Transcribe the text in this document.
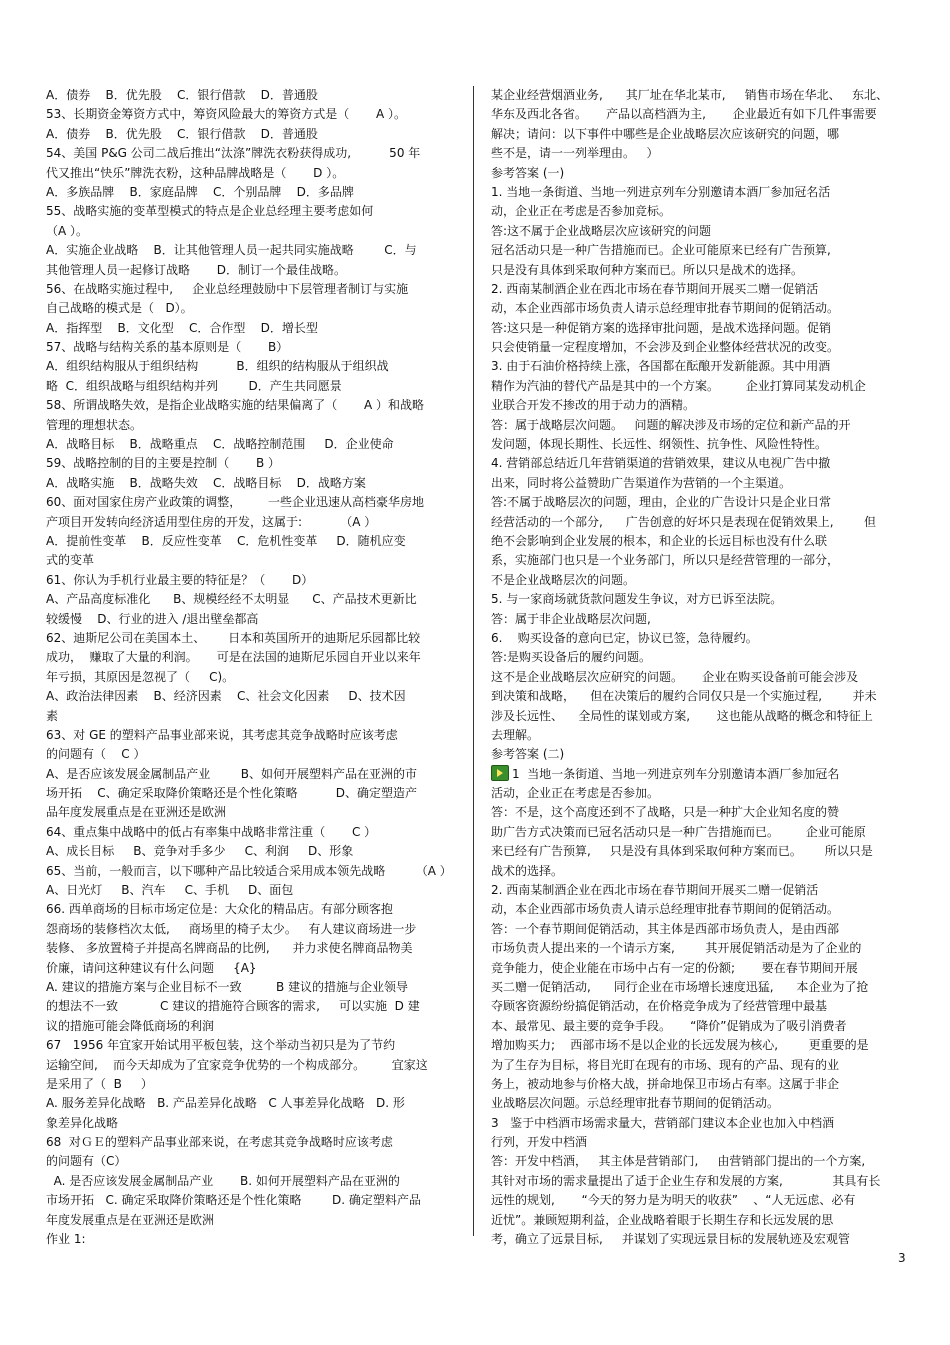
A．债券    B．优先股    C．银行借款    D．普通股
53、长期资金筹资方式中，筹资风险最大的筹资方式是（       A ）。
A．债券    B．优先股    C．银行借款    D．普通股
54、美国 P&G 公司二战后推出“汰涤”牌洗衣粉获得成功,          50 年
代又推出“快乐”牌洗衣粉，这种品牌战略是（       D ）。
A．多族品牌    B．家庭品牌    C．个别品牌    D．多品牌
55、战略实施的变革型模式的特点是企业总经理主要考虑如何
（A ）。
A．实施企业战略    B．让其他管理人员一起共同实施战略        C．与
其他管理人员一起修订战略       D．制订一个最佳战略。
56、在战略实施过程中,     企业总经理鼓励中下层管理者制订与实施
自己战略的模式是（   D）。
A．指挥型    B．文化型    C．合作型    D．增长型
57、战略与结构关系的基本原则是（       B）
A．组织结构服从于组织结构          B．组织的结构服从于组织战
略  C．组织战略与组织结构并列        D．产生共同愿景
58、所谓战略失效，是指企业战略实施的结果偏离了（       A ）和战略
管理的理想状态。
A．战略目标    B．战略重点    C．战略控制范围     D．企业使命
59、战略控制的目的主要是控制（       B ）
A．战略实施    B．战略失效    C．战略目标    D．战略方案
60、面对国家住房产业政策的调整，       一些企业迅速从高档豪华房地
产项目开发转向经济适用型住房的开发，这属于:          （A ）
A．提前性变革    B．反应性变革    C．危机性变革     D．随机应变
式的变革
61、你认为手机行业最主要的特征是？（       D）
A、产品高度标准化      B、规模经经不太明显      C、产品技术更新比
较缓慢    D、行业的进入 /退出壁垒都高
62、迪斯尼公司在美国本土、      日本和英国所开的迪斯尼乐园都比较
成功，  赚取了大量的利润。     可是在法国的迪斯尼乐园自开业以来年
年亏损，其原因是忽视了（     C)。
A、政治法律因素    B、经济因素    C、社会文化因素     D、技术因
素
63、对 GE 的塑料产品事业部来说，其考虑其竞争战略时应该考虑
的问题有（    C ）
A、是否应该发展金属制品产业        B、如何开展塑料产品在亚洲的市
场开拓    C、确定采取降价策略还是个性化策略          D、确定塑造产
品年度发展重点是在亚洲还是欧洲
64、重点集中战略中的低占有率集中战略非常注重（       C ）
A、成长目标     B、竞争对手多少     C、利润     D、形象
65、当前，一般而言，以下哪种产品比较适合采用成本领先战略        （A ）
A、日光灯     B、汽车     C、手机     D、面包
66. 西单商场的目标市场定位是：大众化的精品店。有部分顾客抱
怨商场的装修档次太低,     商场里的椅子太少。   有人建议商场进一步
装修、 多放置椅子并提高名牌商品的比例,      并力求使名牌商品物美
价廉，请问这种建议有什么问题     {A}
A. 建议的措施方案与企业目标不一致         B 建议的措施与企业领导
的想法不一致           C 建议的措施符合顾客的需求,     可以实施  D 建
议的措施可能会降低商场的利润
67   1956 年宜家开始试用平板包装，这个举动当初只是为了节约
运输空间,    而今天却成为了宜家竞争优势的一个构成部分。       宜家这
是采用了（  B     ）
A. 服务差异化战略   B. 产品差异化战略   C 人事差异化战略   D. 形
象差异化战略
68  对ＧＥ的塑料产品事业部来说，在考虑其竞争战略时应该考虑
的问题有（C）
A. 是否应该发展金属制品产业       B. 如何开展塑料产品在亚洲的
市场开拓   C. 确定采取降价策略还是个性化策略        D. 确定塑料产品
年度发展重点是在亚洲还是欧洲
作业 1:
某企业经营烟酒业务,      其厂址在华北某市,     销售市场在华北、   东北、
华东及西北各省。     产品以高档酒为主,       企业最近有如下几件事需要
解决；请问：以下事件中哪些是企业战略层次应该研究的问题，哪
些不是，请一一列举理由。   ）
参考答案 (一)
1. 当地一条街道、当地一列进京列车分别邀请本酒厂参加冠名活
动，企业正在考虑是否参加竞标。
答:这不属于企业战略层次应该研究的问题
冠名活动只是一种广告措施而已。企业可能原来已经有广告预算,
只是没有具体到采取何种方案而已。所以只是战术的选择。
2. 西南某制酒企业在西北市场在春节期间开展买二赠一促销活
动，本企业西部市场负责人请示总经理审批春节期间的促销活动。
答:这只是一种促销方案的选择审批问题，是战术选择问题。促销
只会使销量一定程度增加，不会涉及到企业整体经营状况的改变。
3. 由于石油价格持续上涨，各国都在酝酿开发新能源。其中用酒
精作为汽油的替代产品是其中的一个方案。       企业打算同某发动机企
业联合开发不掺改的用于动力的酒精。
答：属于战略层次问题。   问题的解决涉及市场的定位和新产品的开
发问题，体现长期性、长远性、纲领性、抗争性、风险性特性。
4. 营销部总结近几年营销渠道的营销效果，建议从电视广告中撤
出来，同时将公益赞助广告渠道作为营销的一个主渠道。
答:不属于战略层次的问题，理由，企业的广告设计只是企业日常
经营活动的一个部分,      广告创意的好坏只是表现在促销效果上,        但
绝不会影响到企业发展的根本，和企业的长远目标也没有什么联
系，实施部门也只是一个业务部门，所以只是经营管理的一部分，
不是企业战略层次的问题。
5. 与一家商场就货款问题发生争议，对方已诉至法院。
答：属于非企业战略层次问题,
6.    购买设备的意向已定，协议已签，急待履约。
答:是购买设备后的履约问题。
这不是企业战略层次应研究的问题。     企业在购买设备前可能会涉及
到决策和战略，    但在决策后的履约合同仅只是一个实施过程,        并未
涉及长远性、    全局性的谋划或方案,       这也能从战略的概念和特征上
去理解。
参考答案 (二)
1  当地一条街道、当地一列进京列车分别邀请本酒厂参加冠名
活动，企业正在考虑是否参加。
答：不是，这个高度还到不了战略，只是一种扩大企业知名度的赞
助广告方式决策而已冠名活动只是一种广告措施而已。       企业可能原
来已经有广告预算,     只是没有具体到采取何种方案而已。      所以只是
战术的选择。
2. 西南某制酒企业在西北市场在春节期间开展买二赠一促销活
动，本企业西部市场负责人请示总经理审批春节期间的促销活动。
答：一个春节期间促销活动，其主体是西部市场负责人，是由西部
市场负责人提出来的一个请示方案,        其开展促销活动是为了企业的
竞争能力，使企业能在市场中占有一定的份额;       要在春节期间开展
买二赠一促销活动,      同行企业在市场增长速度迅猛,      本企业为了抢
夺顾客资源纷纷搞促销活动，在价格竞争成为了经营管理中最基
本、最常见、最主要的竞争手段。     “降价”促销成为了吸引消费者
增加购买力;    西部市场不是以企业的长远发展为核心,        更重要的是
为了生存为目标，将目光盯在现有的市场、现有的产品、现有的业
务上，被动地参与价格大战，拼命地保卫市场占有率。这属于非企
业战略层次问题。示总经理审批春节期间的促销活动。
3   鉴于中档酒市场需求量大，营销部门建议本企业也加入中档酒
行列，开发中档酒
答：开发中档酒，   其主体是营销部门,     由营销部门提出的一个方案,
其针对市场的需求量提出了适于企业生存和发展的方案,             其具有长
远性的规划,       “今天的努力是为明天的收获”    、“人无远虑、必有
近忧”。兼顾短期利益，企业战略着眼于长期生存和长远发展的思
考，确立了远景目标,     并谋划了实现远景目标的发展轨迹及宏观管
3
